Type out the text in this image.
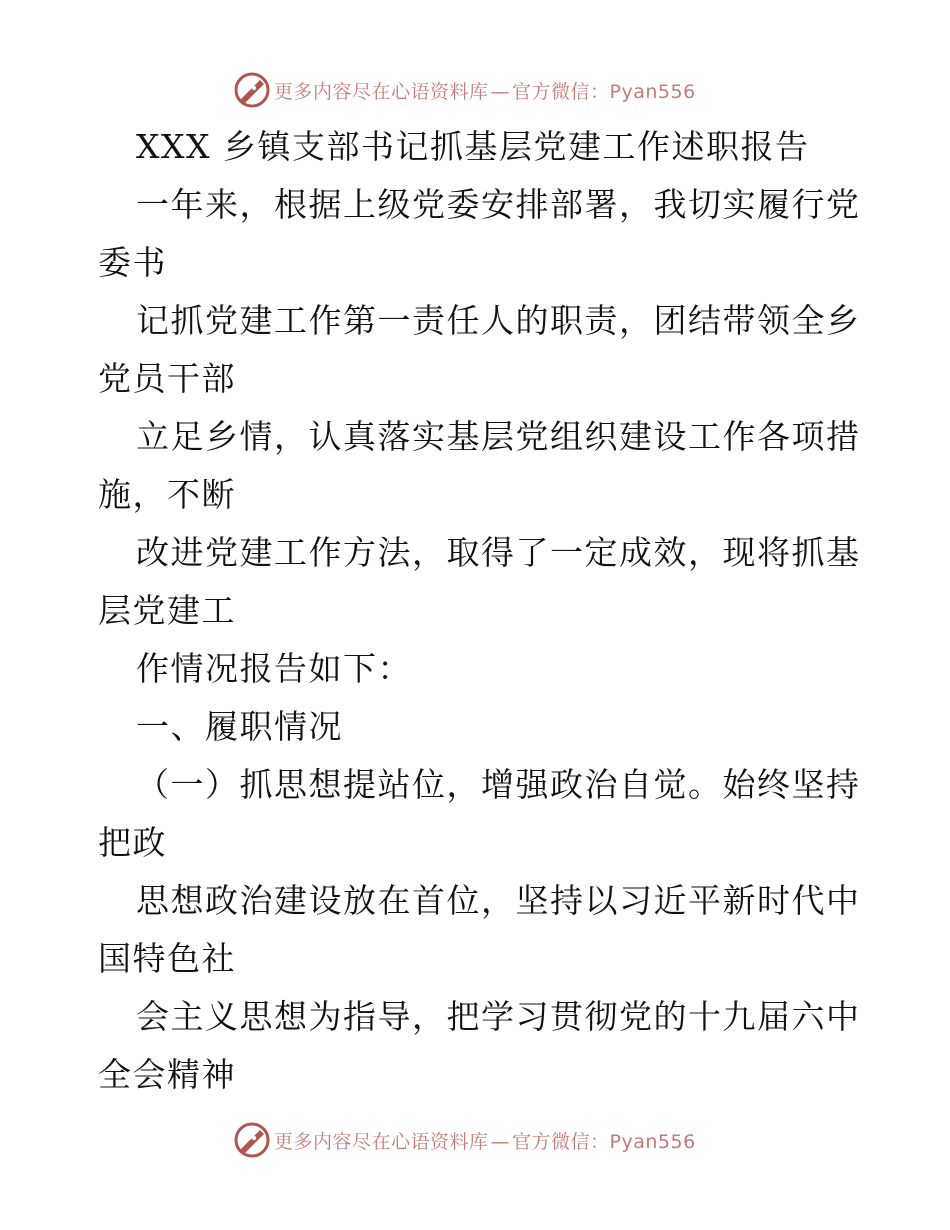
更多内容尽在心语资料库 — 官方微信：Pyan556

XXX 乡镇支部书记抓基层党建工作述职报告

一年来，根据上级党委安排部署，我切实履行党

委书

记抓党建工作第一责任人的职责，团结带领全乡

党员干部

立足乡情，认真落实基层党组织建设工作各项措

施，不断

改进党建工作方法，取得了一定成效，现将抓基

层党建工

作情况报告如下：

一、履职情况

（一）抓思想提站位，增强政治自觉。始终坚持

把政

思想政治建设放在首位，坚持以习近平新时代中

国特色社

会主义思想为指导，把学习贯彻党的十九届六中

全会精神

更多内容尽在心语资料库 — 官方微信：Pyan556
